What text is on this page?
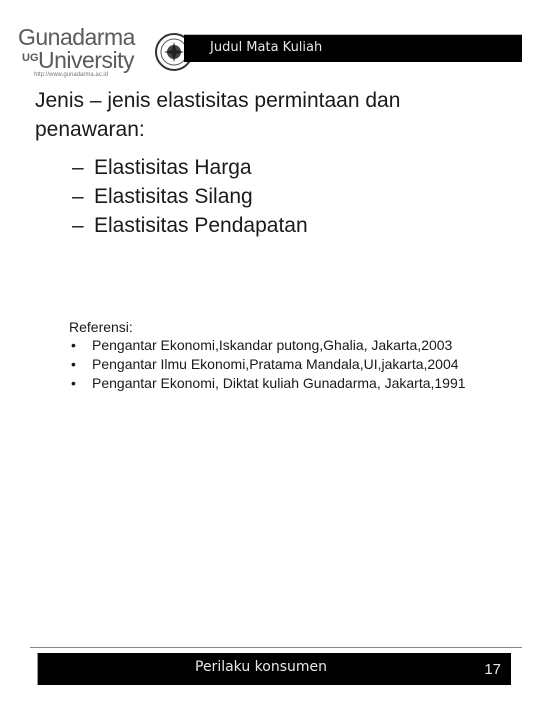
Gunadarma
UG University
http://www.gunadarma.ac.id
Judul Mata Kuliah
Jenis – jenis elastisitas permintaan dan penawaran:
– Elastisitas Harga
– Elastisitas Silang
– Elastisitas Pendapatan
Referensi:
• Pengantar Ekonomi,Iskandar putong,Ghalia, Jakarta,2003
• Pengantar Ilmu Ekonomi,Pratama Mandala,UI,jakarta,2004
• Pengantar Ekonomi, Diktat kuliah Gunadarma, Jakarta,1991
Perilaku konsumen	17
